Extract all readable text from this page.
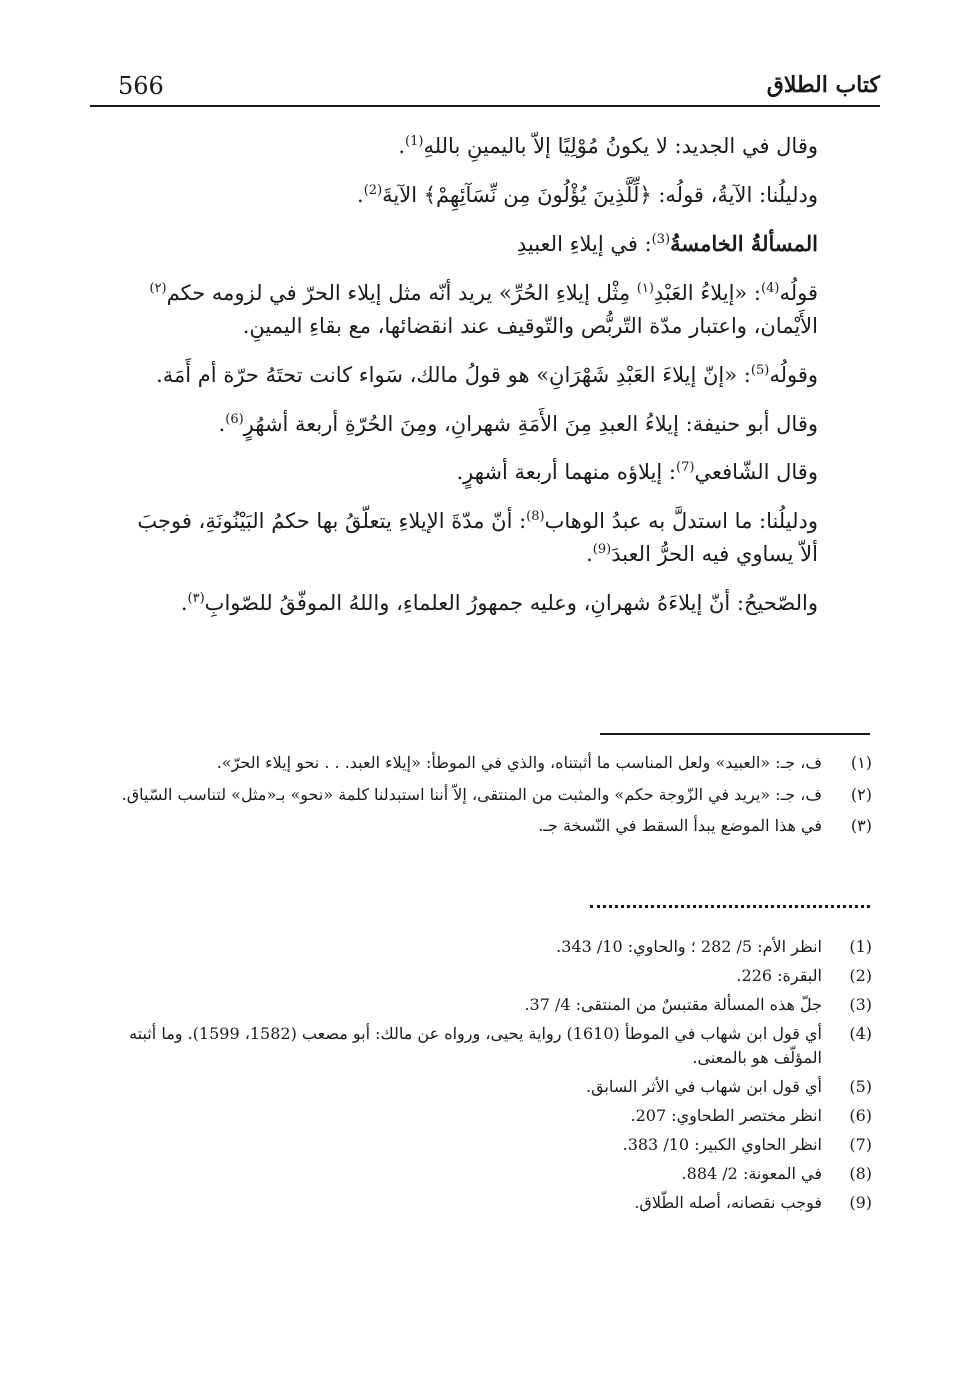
566	كتاب الطلاق

وقال في الجديد: لا يكونُ مُوْلِيًا إلاّ باليمينِ باللهِ$^{(1)}$.

ودليلُنا: الآيةُ، قولُه: ﴿لِّلَّذِينَ يُؤْلُونَ مِن نِّسَآئِهِمْ﴾ الآيةَ$^{(2)}$.

المسألةُ الخامسةُ$^{(3)}$: في إيلاءِ العبيدِ

قولُه$^{(4)}$: «إيلاءُ العَبْدِ$^{(١)}$ مِثْل إيلاءِ الحُرِّ» يريد أنّه مثل إيلاء الحرّ في لزومه حكم$^{(٢)}$ الأَيْمان، واعتبار مدّة التّربُّص والتّوقيف عند انقضائها، مع بقاءِ اليمينِ.

وقولُه$^{(5)}$: «إنّ إيلاءَ العَبْدِ شَهْرَانِ» هو قولُ مالك، سَواء كانت تحتَهُ حرّة أم أَمَة.

وقال أبو حنيفة: إيلاءُ العبدِ مِنَ الأَمَةِ شهرانِ، ومِنَ الحُرّةِ أربعة أشهُرٍ$^{(6)}$.

وقال الشّافعي$^{(7)}$: إيلاؤه منهما أربعة أشهرٍ.

ودليلُنا: ما استدلَّ به عبدُ الوهاب$^{(8)}$: أنّ مدّةَ الإيلاءِ يتعلّقُ بها حكمُ البَيْنُونَةِ، فوجبَ ألاّ يساوي فيه الحرُّ العبدَ$^{(9)}$.

والصّحيحُ: أنّ إيلاءَهُ شهرانِ، وعليه جمهورُ العلماءِ، واللهُ الموفّقُ للصّوابِ$^{(٣)}$.

(١)
ف، جـ: «العبيد» ولعل المناسب ما أثبتناه، والذي في الموطأ: «إيلاء العبد. . . نحو إيلاء الحرّ».
(٢)
ف، جـ: «يريد في الزّوجة حكم» والمثبت من المنتقى، إلاّ أننا استبدلنا كلمة «نحو» بـ«مثل» لتناسب السّياق.
(٣)
في هذا الموضع يبدأ السقط في النّسخة جـ.
(1)
انظر الأم: 5/ 282 ؛ والحاوي: 10/ 343.
(2)
البقرة: 226.
(3)
جلّ هذه المسألة مقتبسٌ من المنتقى: 4/ 37.
(4)
أي قول ابن شهاب في الموطأ (1610) رواية يحيى، ورواه عن مالك: أبو مصعب (1582، 1599). وما أثبته المؤلّف هو بالمعنى.
(5)
أي قول ابن شهاب في الأثر السابق.
(6)
انظر مختصر الطحاوي: 207.
(7)
انظر الحاوي الكبير: 10/ 383.
(8)
في المعونة: 2/ 884.
(9)
فوجب نقصانه، أصله الطّلاق.
